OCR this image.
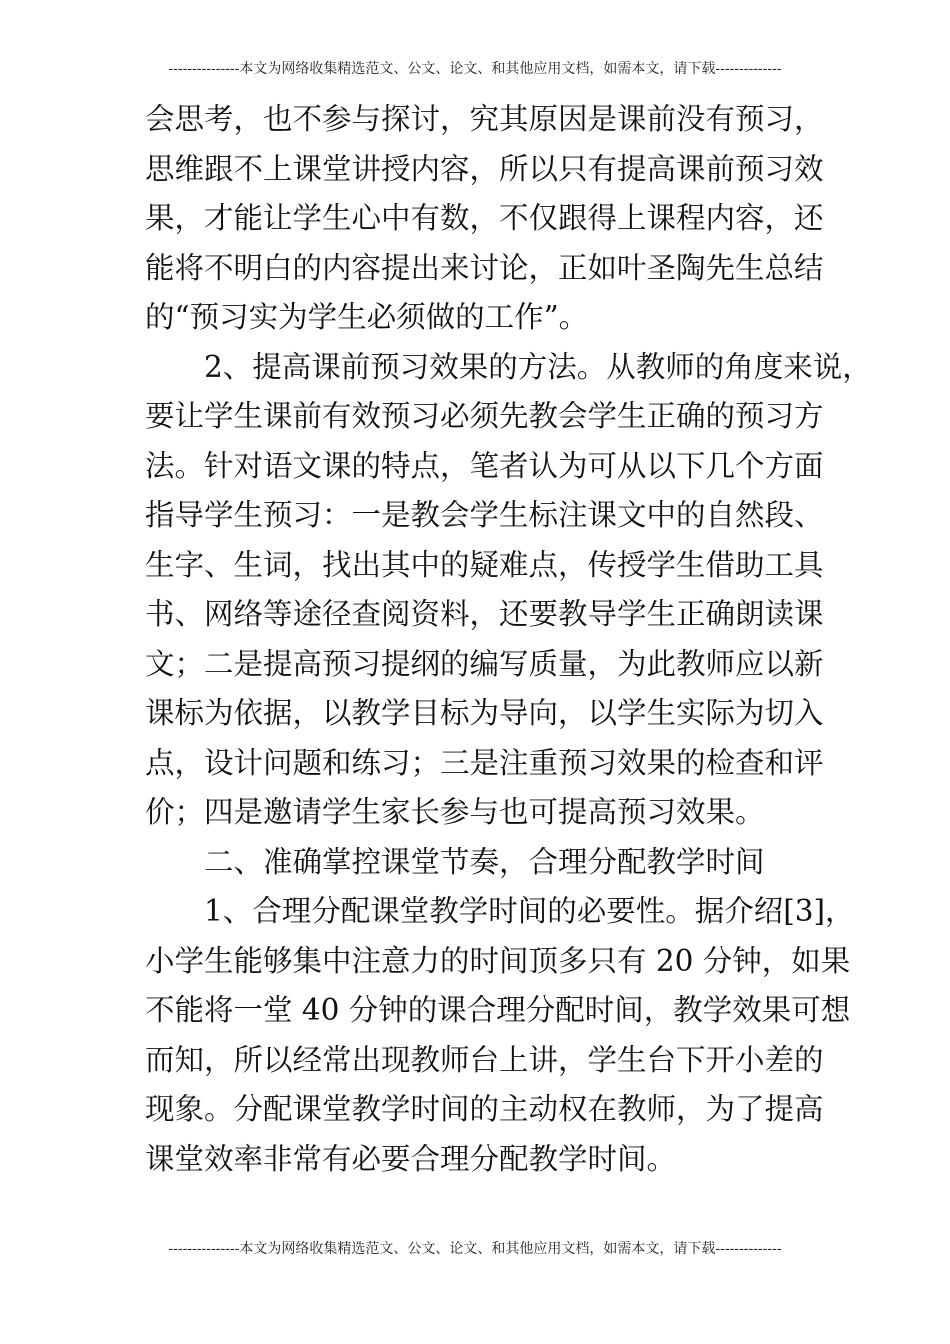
---------------本文为网络收集精选范文、公文、论文、和其他应用文档，如需本文，请下载--------------
会思考，也不参与探讨，究其原因是课前没有预习，
思维跟不上课堂讲授内容，所以只有提高课前预习效
果，才能让学生心中有数，不仅跟得上课程内容，还
能将不明白的内容提出来讨论，正如叶圣陶先生总结
的“预习实为学生必须做的工作”。
2、提高课前预习效果的方法。从教师的角度来说，
要让学生课前有效预习必须先教会学生正确的预习方
法。针对语文课的特点，笔者认为可从以下几个方面
指导学生预习：一是教会学生标注课文中的自然段、
生字、生词，找出其中的疑难点，传授学生借助工具
书、网络等途径查阅资料，还要教导学生正确朗读课
文；二是提高预习提纲的编写质量，为此教师应以新
课标为依据，以教学目标为导向，以学生实际为切入
点，设计问题和练习；三是注重预习效果的检查和评
价；四是邀请学生家长参与也可提高预习效果。
二、准确掌控课堂节奏，合理分配教学时间
1、合理分配课堂教学时间的必要性。据介绍[3]，
小学生能够集中注意力的时间顶多只有 20 分钟，如果
不能将一堂 40 分钟的课合理分配时间，教学效果可想
而知，所以经常出现教师台上讲，学生台下开小差的
现象。分配课堂教学时间的主动权在教师，为了提高
课堂效率非常有必要合理分配教学时间。
---------------本文为网络收集精选范文、公文、论文、和其他应用文档，如需本文，请下载--------------
